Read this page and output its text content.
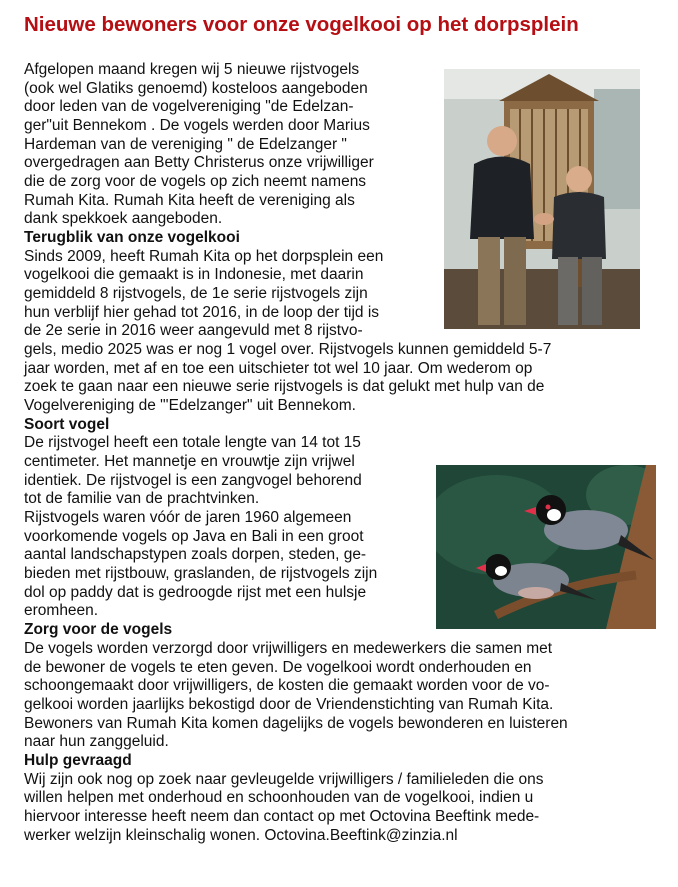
Nieuwe bewoners voor onze vogelkooi op het dorpsplein
Afgelopen maand kregen wij 5 nieuwe rijstvogels
(ook wel Glatiks genoemd) kosteloos aangeboden
door leden van de vogelvereniging "de Edelzan-
ger"uit Bennekom . De vogels werden door Marius
Hardeman van de vereniging " de Edelzanger "
overgedragen aan Betty Christerus onze vrijwilliger
die de zorg voor de vogels op zich neemt namens
Rumah Kita. Rumah Kita heeft de vereniging als
dank spekkoek aangeboden.
Terugblik van onze vogelkooi
Sinds 2009, heeft Rumah Kita op het dorpsplein een
vogelkooi die gemaakt is in Indonesie, met daarin
gemiddeld 8 rijstvogels, de 1e serie rijstvogels zijn
hun verblijf hier gehad tot 2016, in de loop der tijd is
de 2e serie in 2016 weer aangevuld met 8 rijstvo-
gels, medio 2025 was er nog 1 vogel over. Rijstvogels kunnen gemiddeld 5-7
jaar worden, met af en toe een uitschieter tot wel 10 jaar. Om wederom op
zoek te gaan naar een nieuwe serie rijstvogels is dat gelukt met hulp van de
Vogelvereniging de "'Edelzanger" uit Bennekom.
Soort vogel
De rijstvogel heeft een totale lengte van 14 tot 15
centimeter. Het mannetje en vrouwtje zijn vrijwel
identiek. De rijstvogel is een zangvogel behorend
tot de familie van de prachtvinken.
Rijstvogels waren vóór de jaren 1960 algemeen
voorkomende vogels op Java en Bali in een groot
aantal landschapstypen zoals dorpen, steden, ge-
bieden met rijstbouw, graslanden, de rijstvogels zijn
dol op paddy dat is gedroogde rijst met een hulsje
eromheen.
Zorg voor de vogels
De vogels worden verzorgd door vrijwilligers en medewerkers die samen met
de bewoner de vogels te eten geven. De vogelkooi wordt onderhouden en
schoongemaakt door vrijwilligers, de kosten die gemaakt worden voor de vo-
gelkooi worden jaarlijks bekostigd door de Vriendenstichting van Rumah Kita.
Bewoners van Rumah Kita komen dagelijks de vogels bewonderen en luisteren
naar hun zanggeluid.
Hulp gevraagd
Wij zijn ook nog op zoek naar gevleugelde vrijwilligers / familieleden die ons
willen helpen met onderhoud en schoonhouden van de vogelkooi, indien u
hiervoor interesse heeft neem dan contact op met Octovina Beeftink mede-
werker welzijn kleinschalig wonen. Octovina.Beeftink@zinzia.nl
